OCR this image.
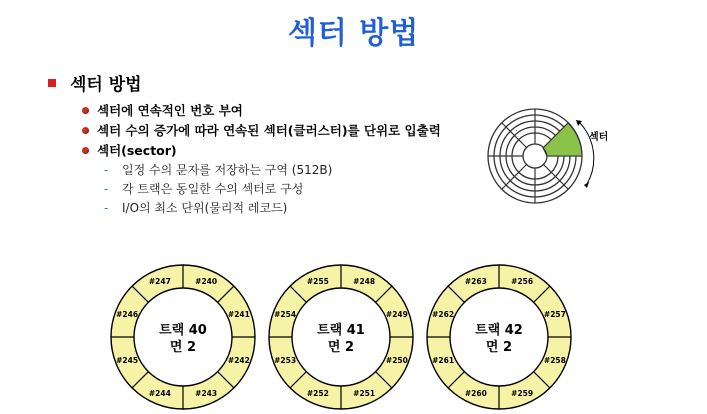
섹터 방법
섹터 방법
섹터에 연속적인 번호 부여
섹터 수의 증가에 따라 연속된 섹터(클러스터)를 단위로 입출력
섹터(sector)
-	일정 수의 문자를 저장하는 구역 (512B)
-	각 트랙은 동일한 수의 섹터로 구성
-	I/O의 최소 단위(물리적 레코드)
섹터
#247	#240
#241
#242
#243
#244
#245
#246
트랙 40
면 2
#255	#248
#249
#250
#251
#252
#253
#254
트랙 41
면 2
#263	#256
#257
#258
#259
#260
#261
#262
트랙 42
면 2
